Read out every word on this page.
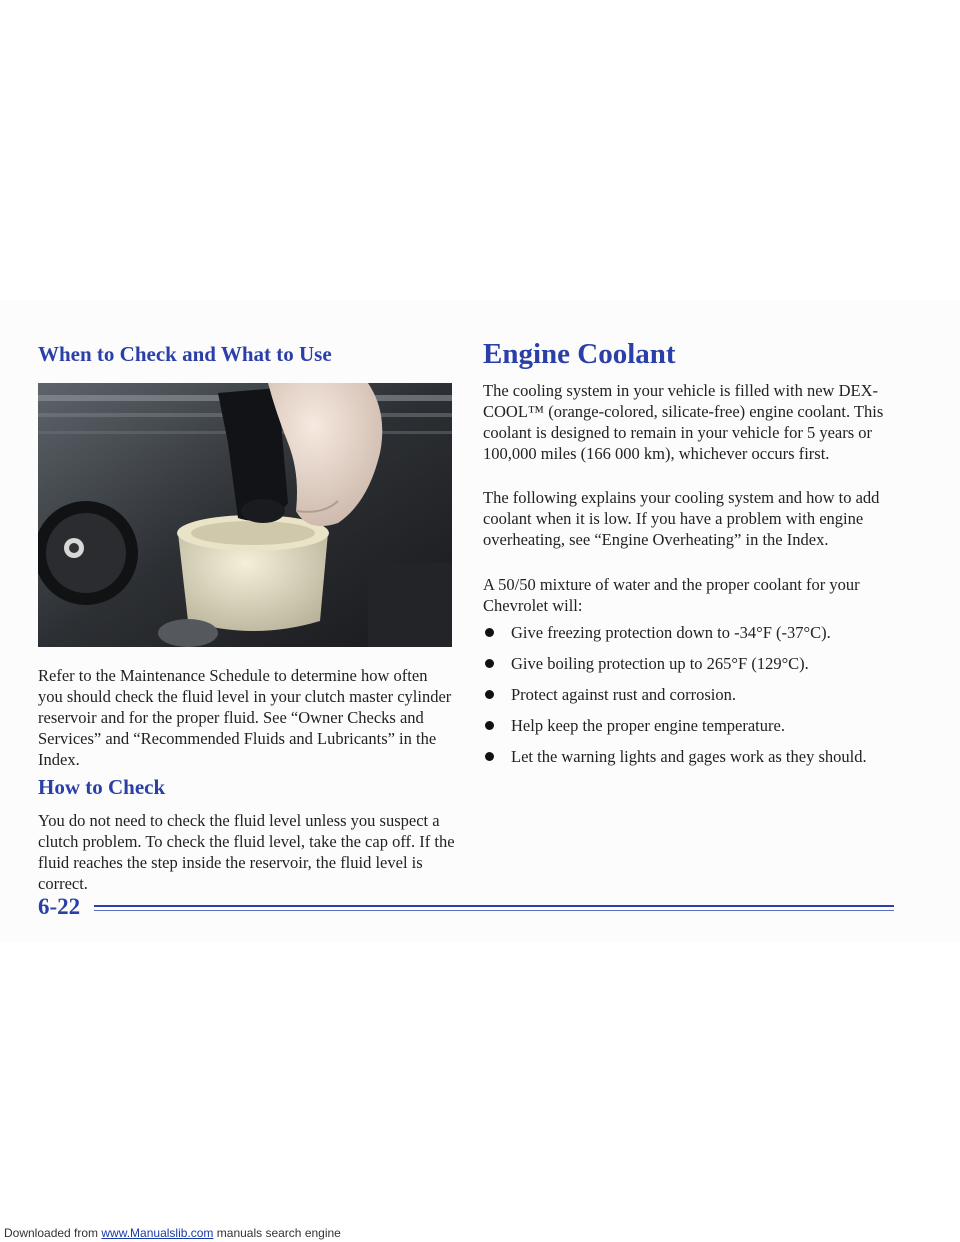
When to Check and What to Use

Refer to the Maintenance Schedule to determine how often you should check the fluid level in your clutch master cylinder reservoir and for the proper fluid. See “Owner Checks and Services” and “Recommended Fluids and Lubricants” in the Index.

How to Check

You do not need to check the fluid level unless you suspect a clutch problem. To check the fluid level, take the cap off. If the fluid reaches the step inside the reservoir, the fluid level is correct.

Engine Coolant

The cooling system in your vehicle is filled with new DEX-COOL™ (orange-colored, silicate-free) engine coolant. This coolant is designed to remain in your vehicle for 5 years or 100,000 miles (166 000 km), whichever occurs first.

The following explains your cooling system and how to add coolant when it is low. If you have a problem with engine overheating, see “Engine Overheating” in the Index.

A 50/50 mixture of water and the proper coolant for your Chevrolet will:

Give freezing protection down to -34°F (-37°C).
Give boiling protection up to 265°F (129°C).
Protect against rust and corrosion.
Help keep the proper engine temperature.
Let the warning lights and gages work as they should.

6-22

Downloaded from www.Manualslib.com manuals search engine
